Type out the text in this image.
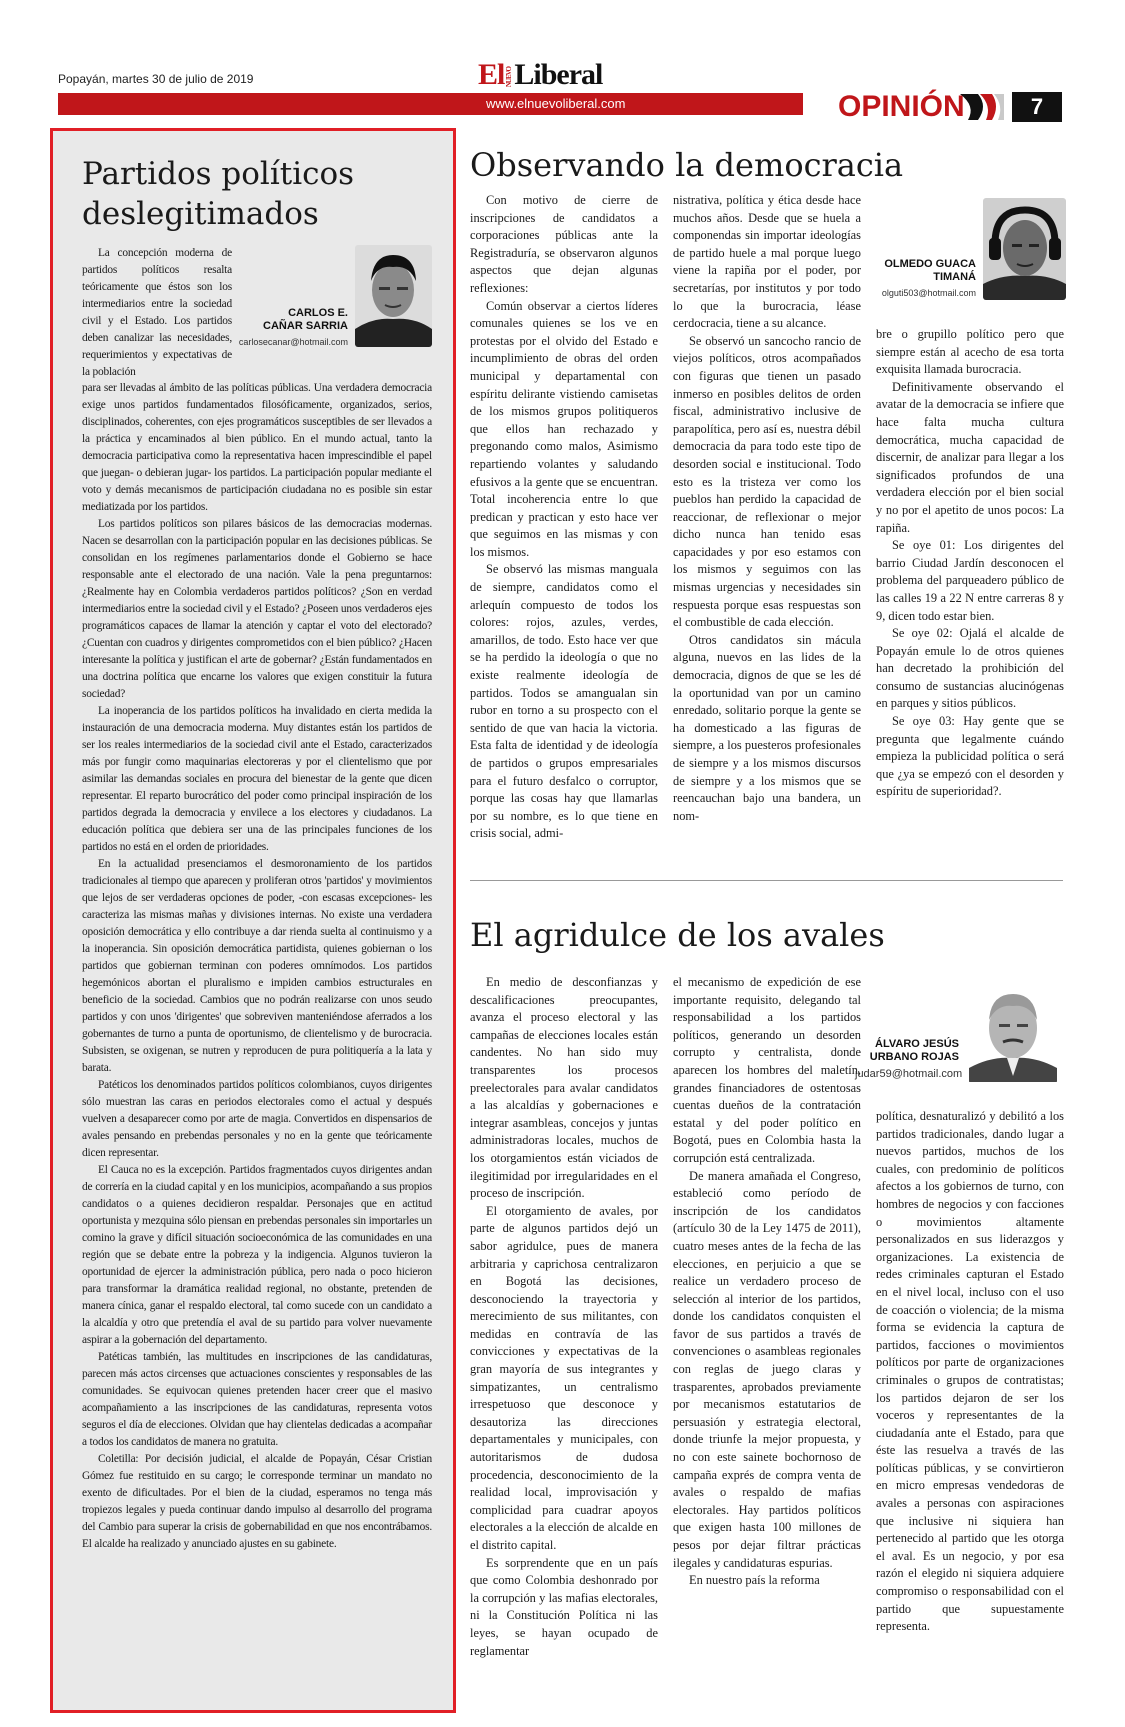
Popayán, martes 30 de julio de 2019	ElNUEVOLiberal
www.elnuevoliberal.com	OPINIÓN	7
Partidos políticos deslegitimados

La concepción moderna de partidos políticos resalta teóricamente que éstos son los intermediarios entre la sociedad civil y el Estado. Los partidos deben canalizar las necesidades, requerimientos y expectativas de la población

CARLOS E.
CAÑAR SARRIA
carlosecanar@hotmail.com

para ser llevadas al ámbito de las políticas públicas. Una verdadera democracia exige unos partidos fundamentados filosóficamente, organizados, serios, disciplinados, coherentes, con ejes programáticos susceptibles de ser llevados a la práctica y encaminados al bien público. En el mundo actual, tanto la democracia participativa como la representativa hacen imprescindible el papel que juegan- o debieran jugar- los partidos. La participación popular mediante el voto y demás mecanismos de participación ciudadana no es posible sin estar mediatizada por los partidos.

Los partidos políticos son pilares básicos de las democracias modernas. Nacen se desarrollan con la participación popular en las decisiones públicas. Se consolidan en los regímenes parlamentarios donde el Gobierno se hace responsable ante el electorado de una nación. Vale la pena preguntarnos: ¿Realmente hay en Colombia verdaderos partidos políticos? ¿Son en verdad intermediarios entre la sociedad civil y el Estado? ¿Poseen unos verdaderos ejes programáticos capaces de llamar la atención y captar el voto del electorado? ¿Cuentan con cuadros y dirigentes comprometidos con el bien público? ¿Hacen interesante la política y justifican el arte de gobernar? ¿Están fundamentados en una doctrina política que encarne los valores que exigen constituir la futura sociedad?

La inoperancia de los partidos políticos ha invalidado en cierta medida la instauración de una democracia moderna. Muy distantes están los partidos de ser los reales intermediarios de la sociedad civil ante el Estado, caracterizados más por fungir como maquinarias electoreras y por el clientelismo que por asimilar las demandas sociales en procura del bienestar de la gente que dicen representar. El reparto burocrático del poder como principal inspiración de los partidos degrada la democracia y envilece a los electores y ciudadanos. La educación política que debiera ser una de las principales funciones de los partidos no está en el orden de prioridades.

En la actualidad presenciamos el desmoronamiento de los partidos tradicionales al tiempo que aparecen y proliferan otros 'partidos' y movimientos que lejos de ser verdaderas opciones de poder, -con escasas excepciones- les caracteriza las mismas mañas y divisiones internas. No existe una verdadera oposición democrática y ello contribuye a dar rienda suelta al continuismo y a la inoperancia. Sin oposición democrática partidista, quienes gobiernan o los partidos que gobiernan terminan con poderes omnímodos. Los partidos hegemónicos abortan el pluralismo e impiden cambios estructurales en beneficio de la sociedad. Cambios que no podrán realizarse con unos seudo partidos y con unos 'dirigentes' que sobreviven manteniéndose aferrados a los gobernantes de turno a punta de oportunismo, de clientelismo y de burocracia. Subsisten, se oxigenan, se nutren y reproducen de pura politiquería a la lata y barata.

Patéticos los denominados partidos políticos colombianos, cuyos dirigentes sólo muestran las caras en periodos electorales como el actual y después vuelven a desaparecer como por arte de magia. Convertidos en dispensarios de avales pensando en prebendas personales y no en la gente que teóricamente dicen representar.

El Cauca no es la excepción. Partidos fragmentados cuyos dirigentes andan de correría en la ciudad capital y en los municipios, acompañando a sus propios candidatos o a quienes decidieron respaldar. Personajes que en actitud oportunista y mezquina sólo piensan en prebendas personales sin importarles un comino la grave y difícil situación socioeconómica de las comunidades en una región que se debate entre la pobreza y la indigencia. Algunos tuvieron la oportunidad de ejercer la administración pública, pero nada o poco hicieron para transformar la dramática realidad regional, no obstante, pretenden de manera cínica, ganar el respaldo electoral, tal como sucede con un candidato a la alcaldía y otro que pretendía el aval de su partido para volver nuevamente aspirar a la gobernación del departamento.

Patéticas también, las multitudes en inscripciones de las candidaturas, parecen más actos circenses que actuaciones conscientes y responsables de las comunidades. Se equivocan quienes pretenden hacer creer que el masivo acompañamiento a las inscripciones de las candidaturas, representa votos seguros el día de elecciones. Olvidan que hay clientelas dedicadas a acompañar a todos los candidatos de manera no gratuita.

Coletilla: Por decisión judicial, el alcalde de Popayán, César Cristian Gómez fue restituido en su cargo; le corresponde terminar un mandato no exento de dificultades. Por el bien de la ciudad, esperamos no tenga más tropiezos legales y pueda continuar dando impulso al desarrollo del programa del Cambio para superar la crisis de gobernabilidad en que nos encontrábamos. El alcalde ha realizado y anunciado ajustes en su gabinete.

Observando la democracia

Con motivo de cierre de inscripciones de candidatos a corporaciones públicas ante la Registraduría, se observaron algunos aspectos que dejan algunas reflexiones:

Común observar a ciertos líderes comunales quienes se los ve en protestas por el olvido del Estado e incumplimiento de obras del orden municipal y departamental con espíritu delirante vistiendo camisetas de los mismos grupos politiqueros que ellos han rechazado y pregonando como malos, Asimismo repartiendo volantes y saludando efusivos a la gente que se encuentran. Total incoherencia entre lo que predican y practican y esto hace ver que seguimos en las mismas y con los mismos.

Se observó las mismas manguala de siempre, candidatos como el arlequín compuesto de todos los colores: rojos, azules, verdes, amarillos, de todo. Esto hace ver que se ha perdido la ideología o que no existe realmente ideología de partidos. Todos se amangualan sin rubor en torno a su prospecto con el sentido de que van hacia la victoria. Esta falta de identidad y de ideología de partidos o grupos empresariales para el futuro desfalco o corruptor, porque las cosas hay que llamarlas por su nombre, es lo que tiene en crisis social, admi-

nistrativa, política y ética desde hace muchos años. Desde que se huela a componendas sin importar ideologías de partido huele a mal porque luego viene la rapiña por el poder, por secretarías, por institutos y por todo lo que la burocracia, léase cerdocracia, tiene a su alcance.

Se observó un sancocho rancio de viejos políticos, otros acompañados con figuras que tienen un pasado inmerso en posibles delitos de orden fiscal, administrativo inclusive de parapolítica, pero así es, nuestra débil democracia da para todo este tipo de desorden social e institucional. Todo esto es la tristeza ver como los pueblos han perdido la capacidad de reaccionar, de reflexionar o mejor dicho nunca han tenido esas capacidades y por eso estamos con los mismos y seguimos con las mismas urgencias y necesidades sin respuesta porque esas respuestas son el combustible de cada elección.

Otros candidatos sin mácula alguna, nuevos en las lides de la democracia, dignos de que se les dé la oportunidad van por un camino enredado, solitario porque la gente se ha domesticado a las figuras de siempre, a los puesteros profesionales de siempre y a los mismos discursos de siempre y a los mismos que se reencauchan bajo una bandera, un nom-

OLMEDO GUACA
TIMANÁ
olguti503@hotmail.com

bre o grupillo político pero que siempre están al acecho de esa torta exquisita llamada burocracia.

Definitivamente observando el avatar de la democracia se infiere que hace falta mucha cultura democrática, mucha capacidad de discernir, de analizar para llegar a los significados profundos de una verdadera elección por el bien social y no por el apetito de unos pocos: La rapiña.

Se oye 01: Los dirigentes del barrio Ciudad Jardín desconocen el problema del parqueadero público de las calles 19 a 22 N entre carreras 8 y 9, dicen todo estar bien.

Se oye 02: Ojalá el alcalde de Popayán emule lo de otros quienes han decretado la prohibición del consumo de sustancias alucinógenas en parques y sitios públicos.

Se oye 03: Hay gente que se pregunta que legalmente cuándo empieza la publicidad política o será que ¿ya se empezó con el desorden y espíritu de superioridad?.

El agridulce de los avales

En medio de desconfianzas y descalificaciones preocupantes, avanza el proceso electoral y las campañas de elecciones locales están candentes. No han sido muy transparentes los procesos preelectorales para avalar candidatos a las alcaldías y gobernaciones e integrar asambleas, concejos y juntas administradoras locales, muchos de los otorgamientos están viciados de ilegitimidad por irregularidades en el proceso de inscripción.

El otorgamiento de avales, por parte de algunos partidos dejó un sabor agridulce, pues de manera arbitraria y caprichosa centralizaron en Bogotá las decisiones, desconociendo la trayectoria y merecimiento de sus militantes, con medidas en contravía de las convicciones y expectativas de la gran mayoría de sus integrantes y simpatizantes, un centralismo irrespetuoso que desconoce y desautoriza las direcciones departamentales y municipales, con autoritarismos de dudosa procedencia, desconocimiento de la realidad local, improvisación y complicidad para cuadrar apoyos electorales a la elección de alcalde en el distrito capital.

Es sorprendente que en un país que como Colombia deshonrado por la corrupción y las mafias electorales, ni la Constitución Política ni las leyes, se hayan ocupado de reglamentar

el mecanismo de expedición de ese importante requisito, delegando tal responsabilidad a los partidos políticos, generando un desorden corrupto y centralista, donde aparecen los hombres del maletín, grandes financiadores de ostentosas cuentas dueños de la contratación estatal y del poder político en Bogotá, pues en Colombia hasta la corrupción está centralizada.

De manera amañada el Congreso, estableció como período de inscripción de los candidatos (artículo 30 de la Ley 1475 de 2011), cuatro meses antes de la fecha de las elecciones, en perjuicio a que se realice un verdadero proceso de selección al interior de los partidos, donde los candidatos conquisten el favor de sus partidos a través de convenciones o asambleas regionales con reglas de juego claras y trasparentes, aprobados previamente por mecanismos estatutarios de persuasión y estrategia electoral, donde triunfe la mejor propuesta, y no con este sainete bochornoso de campaña exprés de compra venta de avales o respaldo de mafias electorales. Hay partidos políticos que exigen hasta 100 millones de pesos por dejar filtrar prácticas ilegales y candidaturas espurias.

En nuestro país la reforma

ÁLVARO JESÚS
URBANO ROJAS
judar59@hotmail.com

política, desnaturalizó y debilitó a los partidos tradicionales, dando lugar a nuevos partidos, muchos de los cuales, con predominio de políticos afectos a los gobiernos de turno, con hombres de negocios y con facciones o movimientos altamente personalizados en sus liderazgos y organizaciones. La existencia de redes criminales capturan el Estado en el nivel local, incluso con el uso de coacción o violencia; de la misma forma se evidencia la captura de partidos, facciones o movimientos políticos por parte de organizaciones criminales o grupos de contratistas; los partidos dejaron de ser los voceros y representantes de la ciudadanía ante el Estado, para que éste las resuelva a través de las políticas públicas, y se convirtieron en micro empresas vendedoras de avales a personas con aspiraciones que inclusive ni siquiera han pertenecido al partido que les otorga el aval. Es un negocio, y por esa razón el elegido ni siquiera adquiere compromiso o responsabilidad con el partido que supuestamente representa.
